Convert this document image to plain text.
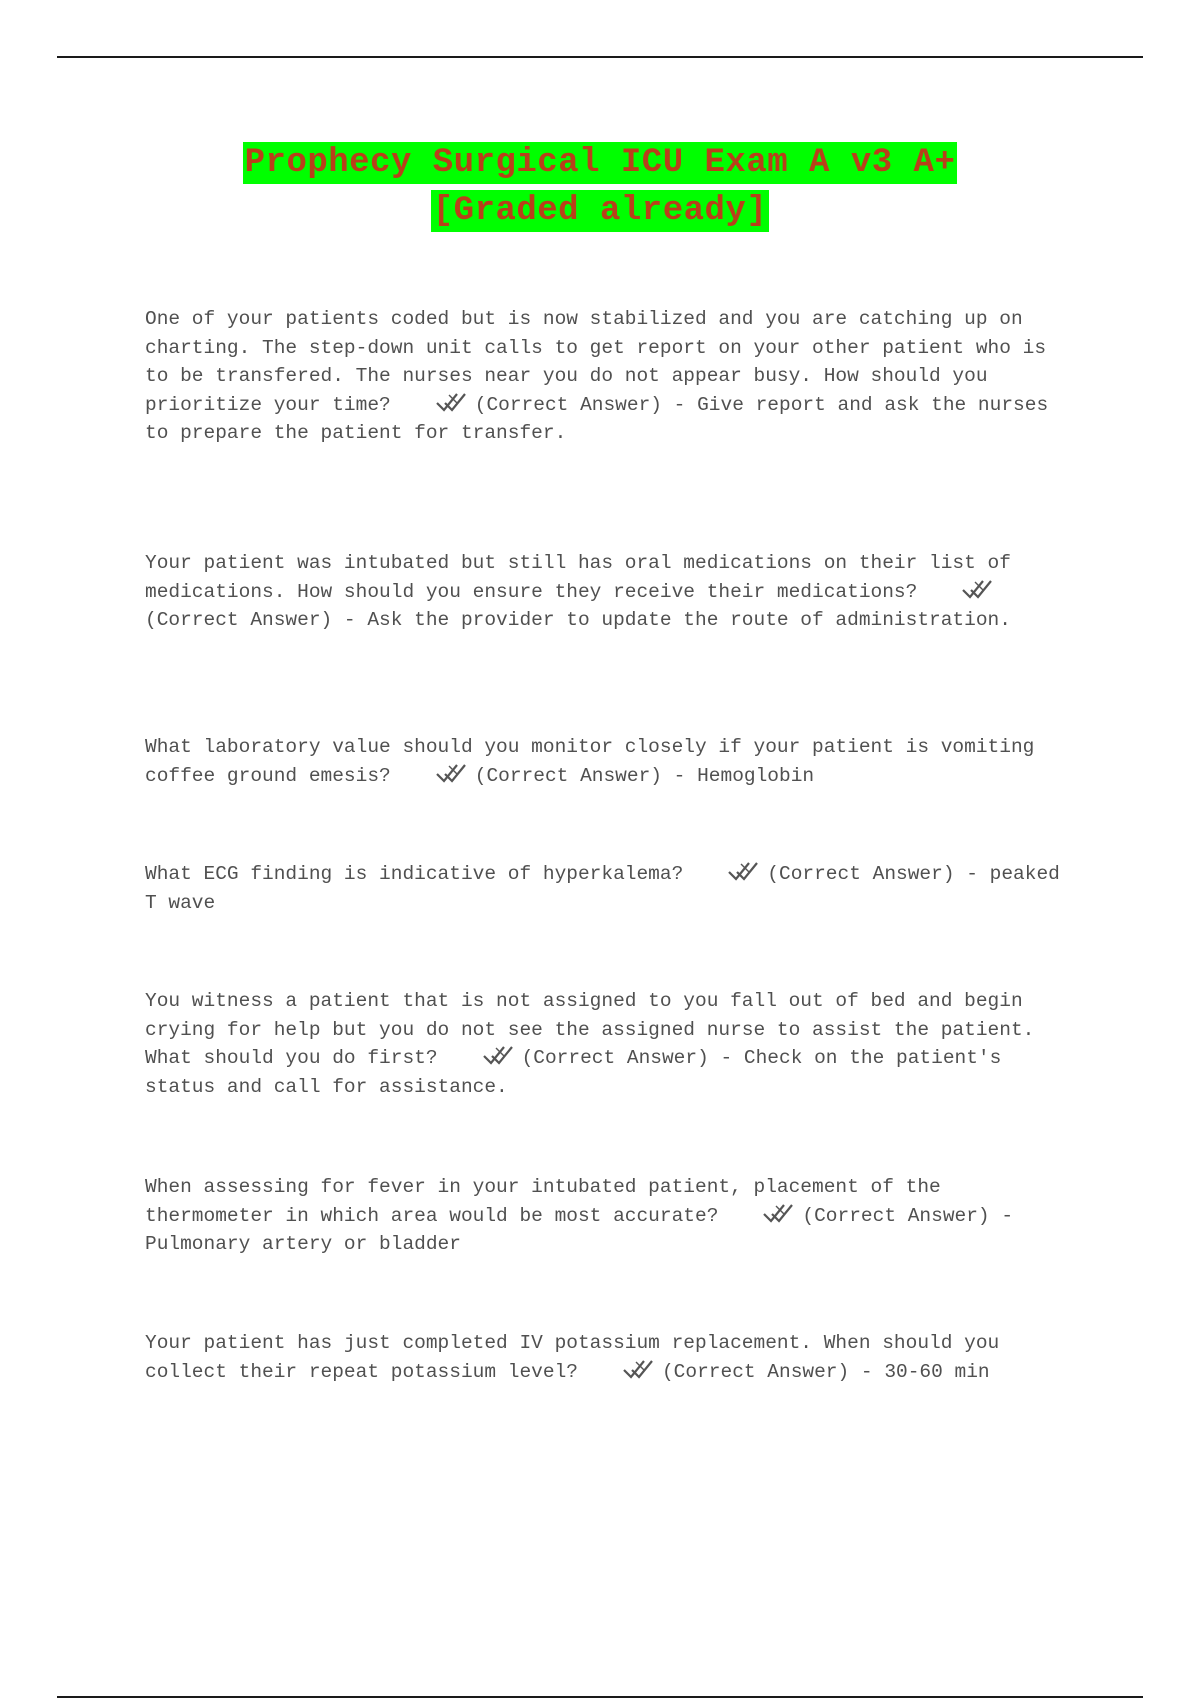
Prophecy Surgical ICU Exam A v3 A+
[Graded already]
One of your patients coded but is now stabilized and you are catching up on charting. The step-down unit calls to get report on your other patient who is to be transfered. The nurses near you do not appear busy. How should you prioritize your time?	(Correct Answer) - Give report and ask the nurses to prepare the patient for transfer.
Your patient was intubated but still has oral medications on their list of medications. How should you ensure they receive their medications?
(Correct Answer) - Ask the provider to update the route of administration.
What laboratory value should you monitor closely if your patient is vomiting coffee ground emesis?	(Correct Answer) - Hemoglobin
What ECG finding is indicative of hyperkalema?	(Correct Answer) - peaked T wave
You witness a patient that is not assigned to you fall out of bed and begin crying for help but you do not see the assigned nurse to assist the patient. What should you do first?	(Correct Answer) - Check on the patient's status and call for assistance.
When assessing for fever in your intubated patient, placement of the thermometer in which area would be most accurate?	(Correct Answer) - Pulmonary artery or bladder
Your patient has just completed IV potassium replacement. When should you collect their repeat potassium level?	(Correct Answer) - 30-60 min
